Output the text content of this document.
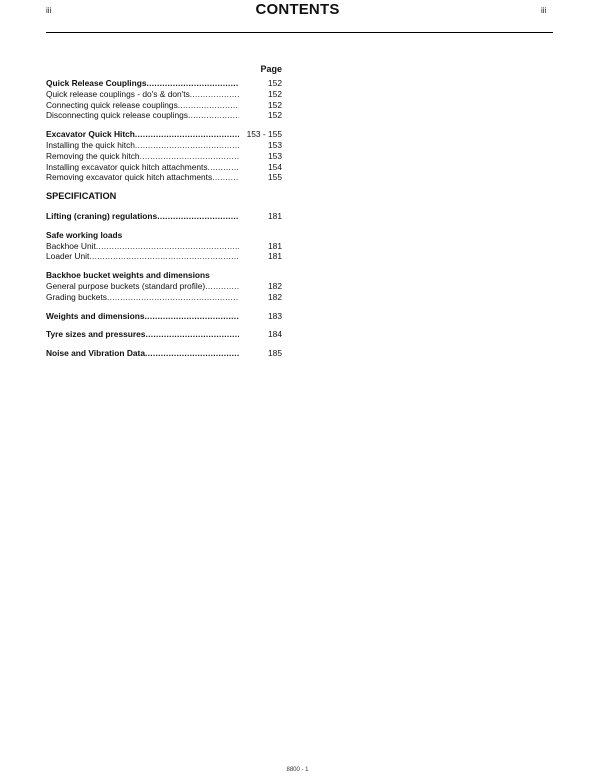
iii	CONTENTS	iii
Page
Quick Release Couplings .....	152
Quick release couplings - do's & don'ts .....	152
Connecting quick release couplings .....	152
Disconnecting quick release couplings .....	152
Excavator Quick Hitch .....	153 - 155
Installing the quick hitch .....	153
Removing the quick hitch .....	153
Installing excavator quick hitch attachments .....	154
Removing excavator quick hitch attachments .....	155
SPECIFICATION
Lifting (craning) regulations .....	181
Safe working loads
Backhoe Unit .....	181
Loader Unit .....	181
Backhoe bucket weights and dimensions
General purpose buckets (standard profile) .....	182
Grading buckets .....	182
Weights and dimensions .....	183
Tyre sizes and pressures .....	184
Noise and Vibration Data .....	185
8800 - 1
